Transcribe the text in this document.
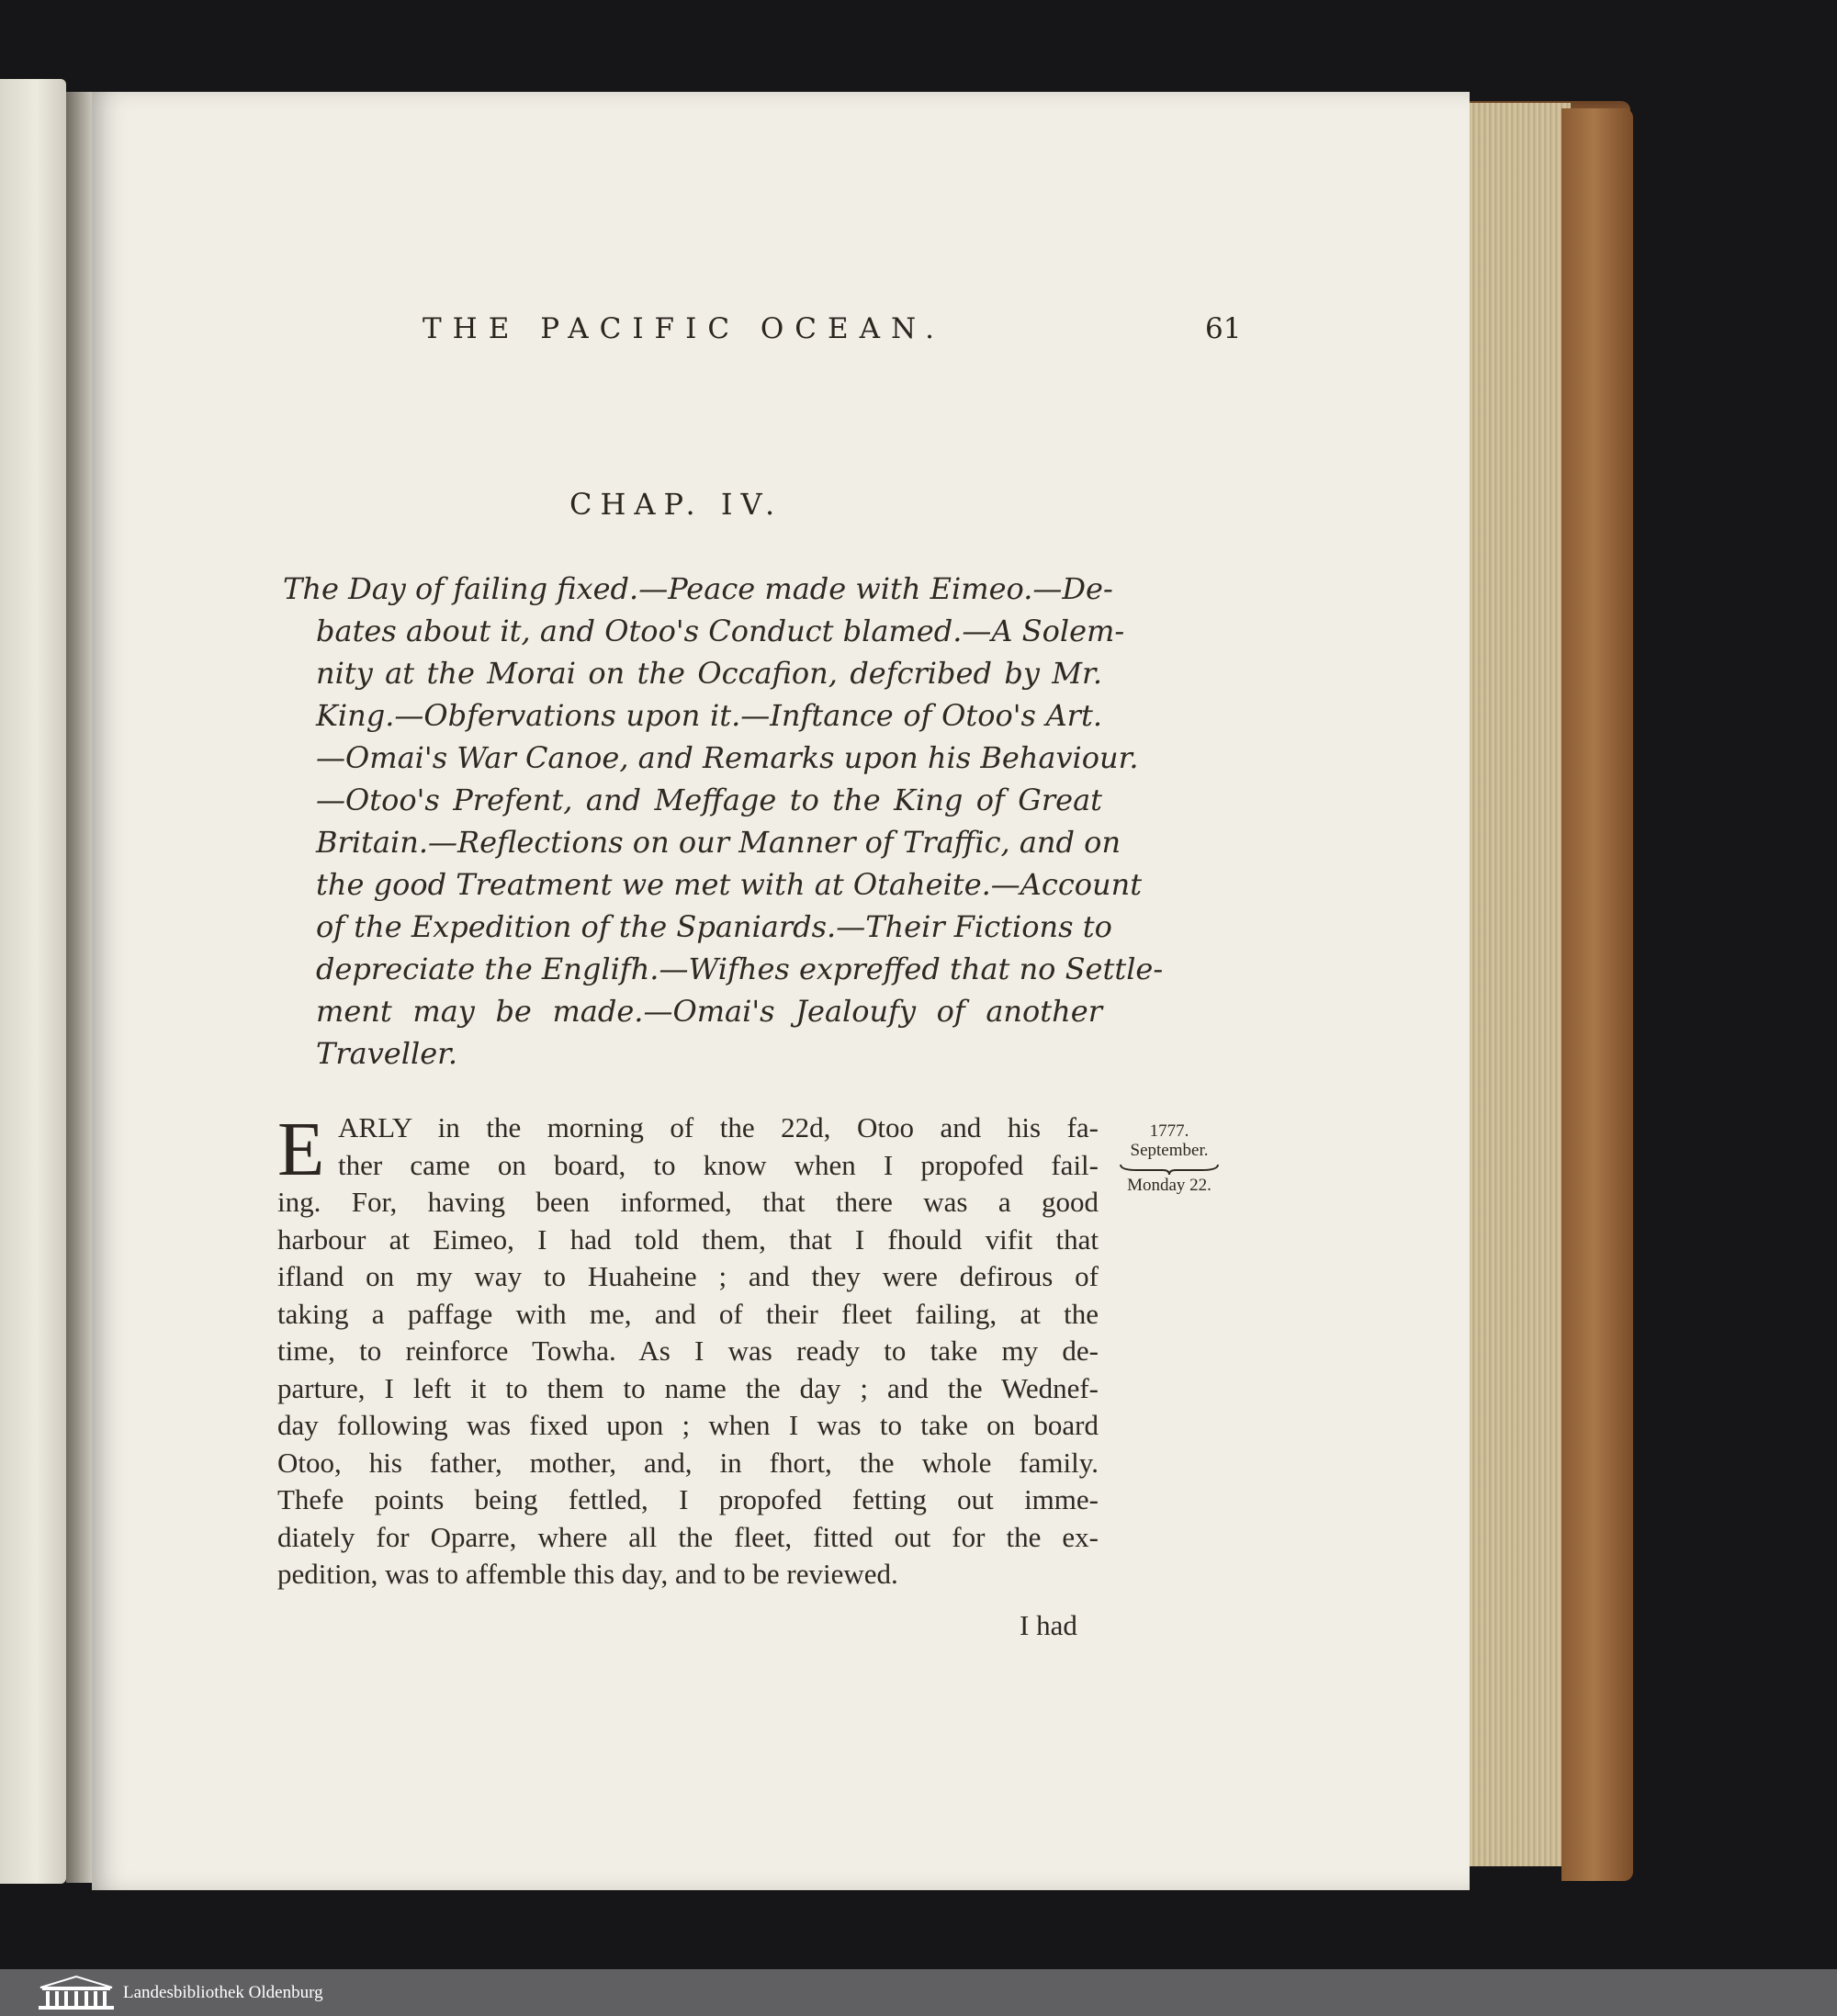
THE PACIFIC OCEAN.	61
CHAP. IV.
The Day of failing fixed.—Peace made with Eimeo.—De-
bates about it, and Otoo's Conduct blamed.—A Solem-
nity at the Morai on the Occafion, defcribed by Mr.
King.—Obfervations upon it.—Inftance of Otoo's Art.
—Omai's War Canoe, and Remarks upon his Behaviour.
—Otoo's Prefent, and Meffage to the King of Great
Britain.—Reflections on our Manner of Traffic, and on
the good Treatment we met with at Otaheite.—Account
of the Expedition of the Spaniards.—Their Fictions to
depreciate the Englifh.—Wifhes expreffed that no Settle-
ment may be made.—Omai's Jealoufy of another
Traveller.
E ARLY in the morning of the 22d, Otoo and his fa-
ther came on board, to know when I propofed fail-
ing. For, having been informed, that there was a good
harbour at Eimeo, I had told them, that I fhould vifit that
ifland on my way to Huaheine ; and they were defirous of
taking a paffage with me, and of their fleet failing, at the
time, to reinforce Towha. As I was ready to take my de-
parture, I left it to them to name the day ; and the Wednef-
day following was fixed upon ; when I was to take on board
Otoo, his father, mother, and, in fhort, the whole family.
Thefe points being fettled, I propofed fetting out imme-
diately for Oparre, where all the fleet, fitted out for the ex-
pedition, was to affemble this day, and to be reviewed.
1777.
September.
Monday 22.
I had
Landesbibliothek Oldenburg
